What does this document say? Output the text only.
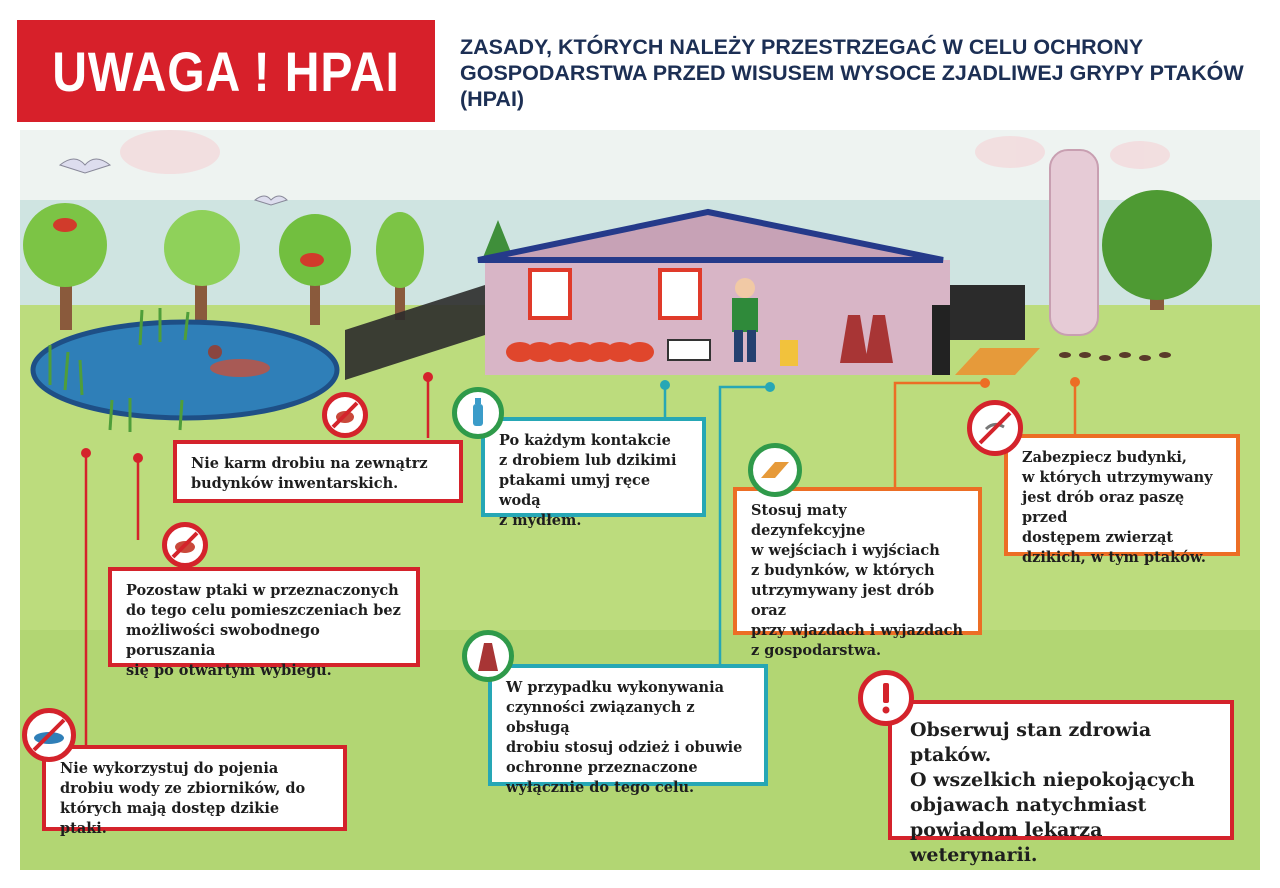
UWAGA ! HPAI	ZASADY, KTÓRYCH NALEŻY PRZESTRZEGAĆ W CELU OCHRONY GOSPODARSTWA PRZED WISUSEM WYSOCE ZJADLIWEJ GRYPY PTAKÓW (HPAI)
Nie karm drobiu na zewnątrz
budynków inwentarskich.
Pozostaw ptaki w przeznaczonych
do tego celu pomieszczeniach bez
możliwości swobodnego poruszania
się po otwartym wybiegu.
Nie wykorzystuj do pojenia
drobiu wody ze zbiorników, do
których mają dostęp dzikie ptaki.
Po każdym kontakcie
z drobiem lub dzikimi
ptakami umyj ręce wodą
z mydłem.
W przypadku wykonywania
czynności związanych z obsługą
drobiu stosuj odzież i obuwie
ochronne przeznaczone
wyłącznie do tego celu.
Stosuj maty dezynfekcyjne
w wejściach i wyjściach
z budynków, w których
utrzymywany jest drób oraz
przy wjazdach i wyjazdach
z gospodarstwa.
Zabezpiecz budynki,
w których utrzymywany
jest drób oraz paszę przed
dostępem zwierząt
dzikich, w tym ptaków.
Obserwuj stan zdrowia ptaków.
O wszelkich niepokojących
objawach natychmiast
powiadom lekarza weterynarii.
